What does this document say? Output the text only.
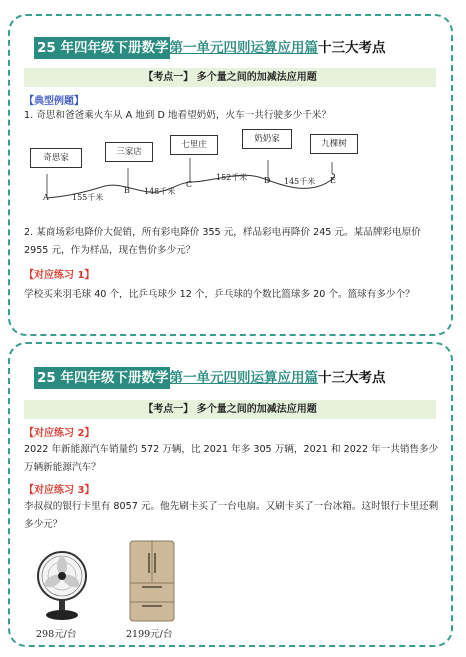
25 年四年级下册数学第一单元四则运算应用篇十三大考点
【考点一】 多个量之间的加减法应用题
【典型例题】
1. 奇思和爸爸乘火车从 A 地到 D 地看望奶奶，火车一共行驶多少千米？
奇思家
三家店
七里庄
奶奶家	九棵树
A
B
C	D	E
155千米
148千米
152千米	145千米
2. 某商场彩电降价大促销，所有彩电降价 355 元，样品彩电再降价 245 元。某品牌彩电原价 2955 元，作为样品，现在售价多少元？
【对应练习 1】
学校买来羽毛球 40 个，比乒乓球少 12 个，乒乓球的个数比篮球多 20 个。篮球有多少个？
25 年四年级下册数学第一单元四则运算应用篇十三大考点
【考点一】 多个量之间的加减法应用题
【对应练习 2】
2022 年新能源汽车销量约 572 万辆，比 2021 年多 305 万辆，2021 和 2022 年一共销售多少万辆新能源汽车？
【对应练习 3】
李叔叔的银行卡里有 8057 元。他先刷卡买了一台电扇。又刷卡买了一台冰箱。这时银行卡里还剩多少元？
298元/台	2199元/台
